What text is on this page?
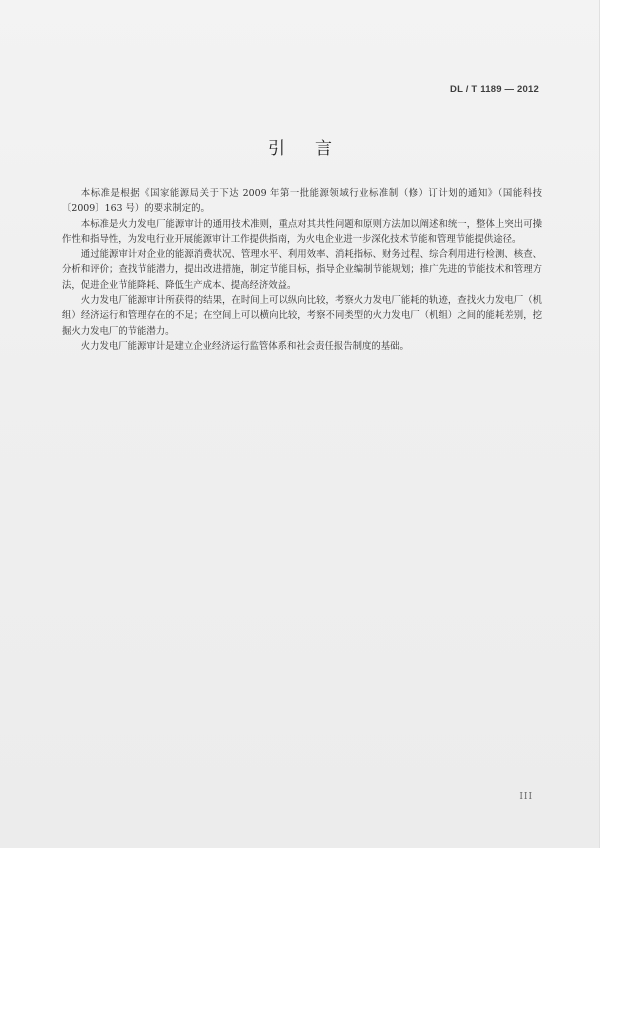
DL / T 1189 — 2012
引言

本标准是根据《国家能源局关于下达 2009 年第一批能源领域行业标准制（修）订计划的通知》（国能科技〔2009〕163 号）的要求制定的。

本标准是火力发电厂能源审计的通用技术准则，重点对其共性问题和原则方法加以阐述和统一，整体上突出可操作性和指导性，为发电行业开展能源审计工作提供指南，为火电企业进一步深化技术节能和管理节能提供途径。

通过能源审计对企业的能源消费状况、管理水平、利用效率、消耗指标、财务过程、综合利用进行检测、核查、分析和评价；查找节能潜力，提出改进措施，制定节能目标，指导企业编制节能规划；推广先进的节能技术和管理方法，促进企业节能降耗、降低生产成本、提高经济效益。

火力发电厂能源审计所获得的结果，在时间上可以纵向比较，考察火力发电厂能耗的轨迹，查找火力发电厂（机组）经济运行和管理存在的不足；在空间上可以横向比较，考察不同类型的火力发电厂（机组）之间的能耗差别，挖掘火力发电厂的节能潜力。

火力发电厂能源审计是建立企业经济运行监管体系和社会责任报告制度的基础。

III
